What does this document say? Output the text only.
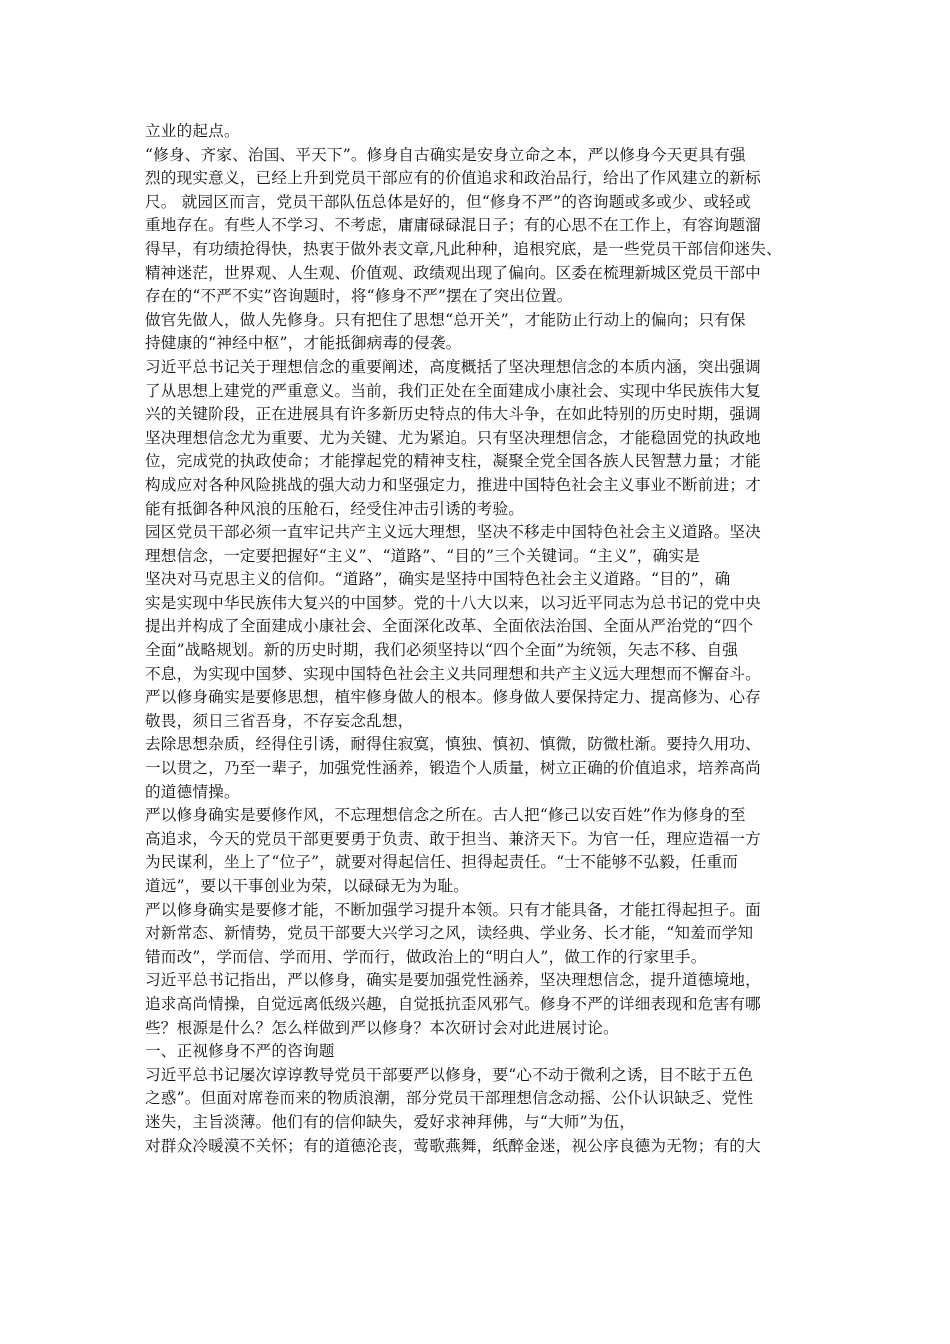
立业的起点。
“修身、齐家、治国、平天下”。修身自古确实是安身立命之本，严以修身今天更具有强
烈的现实意义，已经上升到党员干部应有的价值追求和政治品行，给出了作风建立的新标
尺。 就园区而言，党员干部队伍总体是好的，但“修身不严”的咨询题或多或少、或轻或
重地存在。有些人不学习、不考虑，庸庸碌碌混日子；有的心思不在工作上，有容询题溜
得早，有功绩抢得快，热衷于做外表文章,凡此种种，追根究底，是一些党员干部信仰迷失、
精神迷茫，世界观、人生观、价值观、政绩观出现了偏向。区委在梳理新城区党员干部中
存在的“不严不实”咨询题时，将“修身不严”摆在了突出位置。
做官先做人，做人先修身。只有把住了思想“总开关”，才能防止行动上的偏向；只有保
持健康的“神经中枢”，才能抵御病毒的侵袭。
习近平总书记关于理想信念的重要阐述，高度概括了坚决理想信念的本质内涵，突出强调
了从思想上建党的严重意义。当前，我们正处在全面建成小康社会、实现中华民族伟大复
兴的关键阶段，正在进展具有许多新历史特点的伟大斗争，在如此特别的历史时期，强调
坚决理想信念尤为重要、尤为关键、尤为紧迫。只有坚决理想信念，才能稳固党的执政地
位，完成党的执政使命；才能撑起党的精神支柱，凝聚全党全国各族人民智慧力量；才能
构成应对各种风险挑战的强大动力和坚强定力，推进中国特色社会主义事业不断前进；才
能有抵御各种风浪的压舱石，经受住冲击引诱的考验。
园区党员干部必须一直牢记共产主义远大理想，坚决不移走中国特色社会主义道路。坚决
理想信念，一定要把握好“主义”、“道路”、“目的”三个关键词。“主义”，确实是
坚决对马克思主义的信仰。“道路”，确实是坚持中国特色社会主义道路。“目的”，确
实是实现中华民族伟大复兴的中国梦。党的十八大以来，以习近平同志为总书记的党中央
提出并构成了全面建成小康社会、全面深化改革、全面依法治国、全面从严治党的“四个
全面”战略规划。新的历史时期，我们必须坚持以“四个全面”为统领，矢志不移、自强
不息，为实现中国梦、实现中国特色社会主义共同理想和共产主义远大理想而不懈奋斗。
严以修身确实是要修思想，植牢修身做人的根本。修身做人要保持定力、提高修为、心存
敬畏，须日三省吾身，不存妄念乱想，
去除思想杂质，经得住引诱，耐得住寂寞，慎独、慎初、慎微，防微杜渐。要持久用功、
一以贯之，乃至一辈子，加强党性涵养，锻造个人质量，树立正确的价值追求，培养高尚
的道德情操。
严以修身确实是要修作风，不忘理想信念之所在。古人把“修己以安百姓”作为修身的至
高追求，今天的党员干部更要勇于负责、敢于担当、兼济天下。为官一任，理应造福一方
为民谋利，坐上了“位子”，就要对得起信任、担得起责任。“士不能够不弘毅，任重而
道远”，要以干事创业为荣，以碌碌无为为耻。
严以修身确实是要修才能，不断加强学习提升本领。只有才能具备，才能扛得起担子。面
对新常态、新情势，党员干部要大兴学习之风，读经典、学业务、长才能，“知羞而学知
错而改”，学而信、学而用、学而行，做政治上的“明白人”，做工作的行家里手。
习近平总书记指出，严以修身，确实是要加强党性涵养，坚决理想信念，提升道德境地，
追求高尚情操，自觉远离低级兴趣，自觉抵抗歪风邪气。修身不严的详细表现和危害有哪
些？根源是什么？怎么样做到严以修身？本次研讨会对此进展讨论。
一、正视修身不严的咨询题
习近平总书记屡次谆谆教导党员干部要严以修身，要“心不动于微利之诱，目不眩于五色
之惑”。但面对席卷而来的物质浪潮，部分党员干部理想信念动摇、公仆认识缺乏、党性
迷失，主旨淡薄。他们有的信仰缺失，爱好求神拜佛，与“大师”为伍，
对群众冷暖漠不关怀；有的道德沦丧，莺歌燕舞，纸醉金迷，视公序良德为无物；有的大
